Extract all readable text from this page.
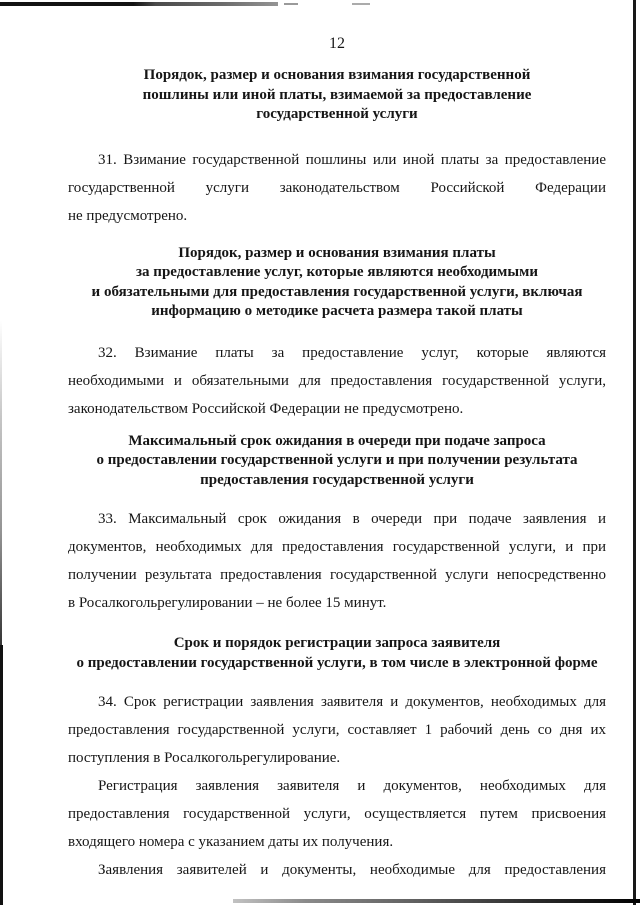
12
Порядок, размер и основания взимания государственной
пошлины или иной платы, взимаемой за предоставление
государственной услуги
31. Взимание государственной пошлины или иной платы за предоставление
государственной услуги законодательством Российской Федерации
не предусмотрено.
Порядок, размер и основания взимания платы
за предоставление услуг, которые являются необходимыми
и обязательными для предоставления государственной услуги, включая
информацию о методике расчета размера такой платы
32. Взимание платы за предоставление услуг, которые являются
необходимыми и обязательными для предоставления государственной услуги,
законодательством Российской Федерации не предусмотрено.
Максимальный срок ожидания в очереди при подаче запроса
о предоставлении государственной услуги и при получении результата
предоставления государственной услуги
33. Максимальный срок ожидания в очереди при подаче заявления и
документов, необходимых для предоставления государственной услуги, и при
получении результата предоставления государственной услуги непосредственно
в Росалкогольрегулировании – не более 15 минут.
Срок и порядок регистрации запроса заявителя
о предоставлении государственной услуги, в том числе в электронной форме
34. Срок регистрации заявления заявителя и документов, необходимых для
предоставления государственной услуги, составляет 1 рабочий день со дня их
поступления в Росалкогольрегулирование.
Регистрация заявления заявителя и документов, необходимых для
предоставления государственной услуги, осуществляется путем присвоения
входящего номера с указанием даты их получения.
Заявления заявителей и документы, необходимые для предоставления
